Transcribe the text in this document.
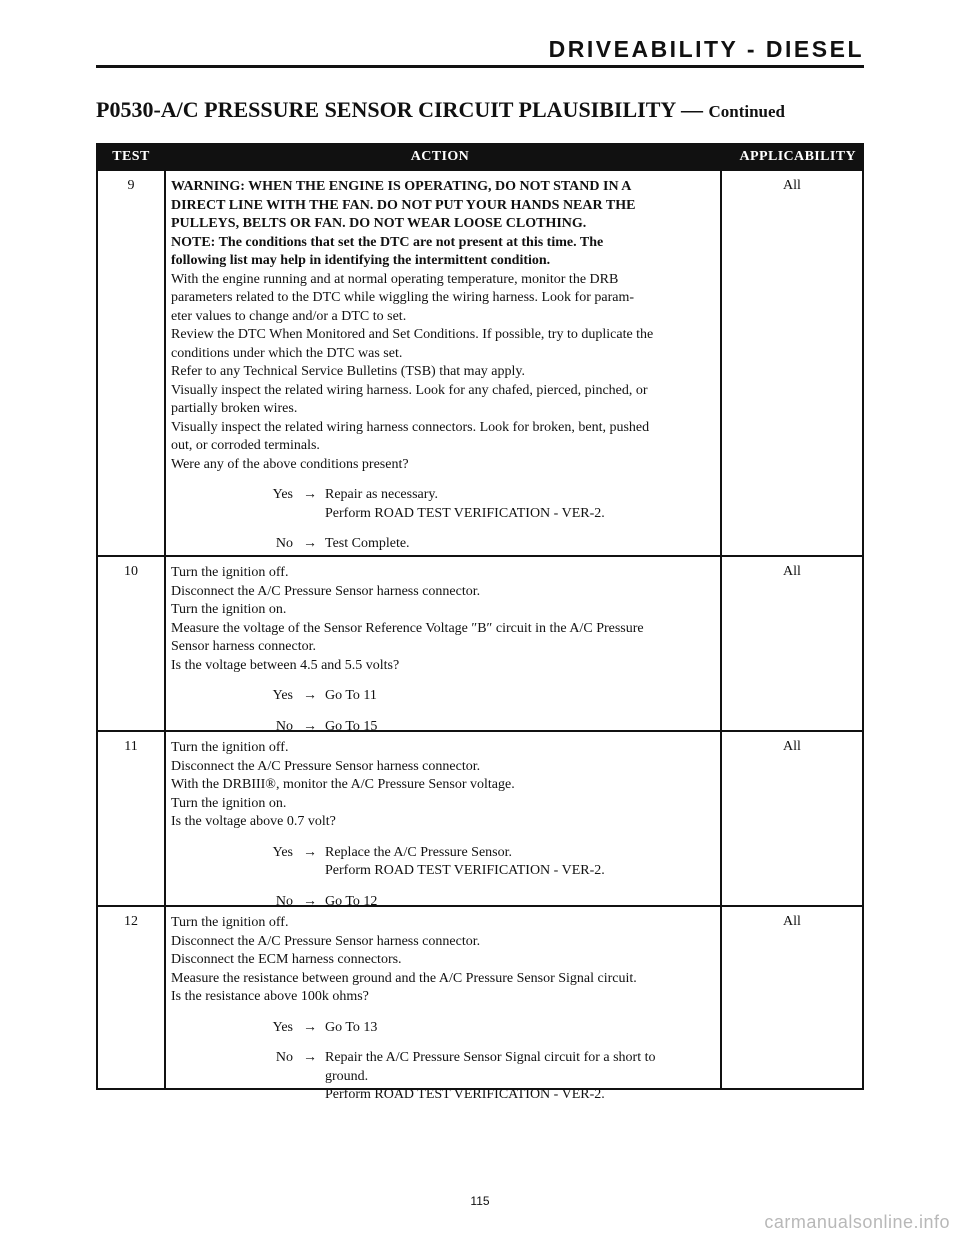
DRIVEABILITY - DIESEL
P0530-A/C PRESSURE SENSOR CIRCUIT PLAUSIBILITY — Continued
TEST	ACTION	APPLICABILITY
9	WARNING: WHEN THE ENGINE IS OPERATING, DO NOT STAND IN A
DIRECT LINE WITH THE FAN. DO NOT PUT YOUR HANDS NEAR THE
PULLEYS, BELTS OR FAN. DO NOT WEAR LOOSE CLOTHING.
NOTE: The conditions that set the DTC are not present at this time. The
following list may help in identifying the intermittent condition.
With the engine running and at normal operating temperature, monitor the DRB
parameters related to the DTC while wiggling the wiring harness. Look for param-
eter values to change and/or a DTC to set.
Review the DTC When Monitored and Set Conditions. If possible, try to duplicate the
conditions under which the DTC was set.
Refer to any Technical Service Bulletins (TSB) that may apply.
Visually inspect the related wiring harness. Look for any chafed, pierced, pinched, or
partially broken wires.
Visually inspect the related wiring harness connectors. Look for broken, bent, pushed
out, or corroded terminals.
Were any of the above conditions present?
Yes → Repair as necessary.
Perform ROAD TEST VERIFICATION - VER-2.
No → Test Complete.
All
10	Turn the ignition off.
Disconnect the A/C Pressure Sensor harness connector.
Turn the ignition on.
Measure the voltage of the Sensor Reference Voltage ″B″ circuit in the A/C Pressure
Sensor harness connector.
Is the voltage between 4.5 and 5.5 volts?
Yes → Go To 11
No → Go To 15
All
11	Turn the ignition off.
Disconnect the A/C Pressure Sensor harness connector.
With the DRBIII®, monitor the A/C Pressure Sensor voltage.
Turn the ignition on.
Is the voltage above 0.7 volt?
Yes → Replace the A/C Pressure Sensor.
Perform ROAD TEST VERIFICATION - VER-2.
No → Go To 12
All
12	Turn the ignition off.
Disconnect the A/C Pressure Sensor harness connector.
Disconnect the ECM harness connectors.
Measure the resistance between ground and the A/C Pressure Sensor Signal circuit.
Is the resistance above 100k ohms?
Yes → Go To 13
No → Repair the A/C Pressure Sensor Signal circuit for a short to
ground.
Perform ROAD TEST VERIFICATION - VER-2.
All
115
carmanualsonline.info
